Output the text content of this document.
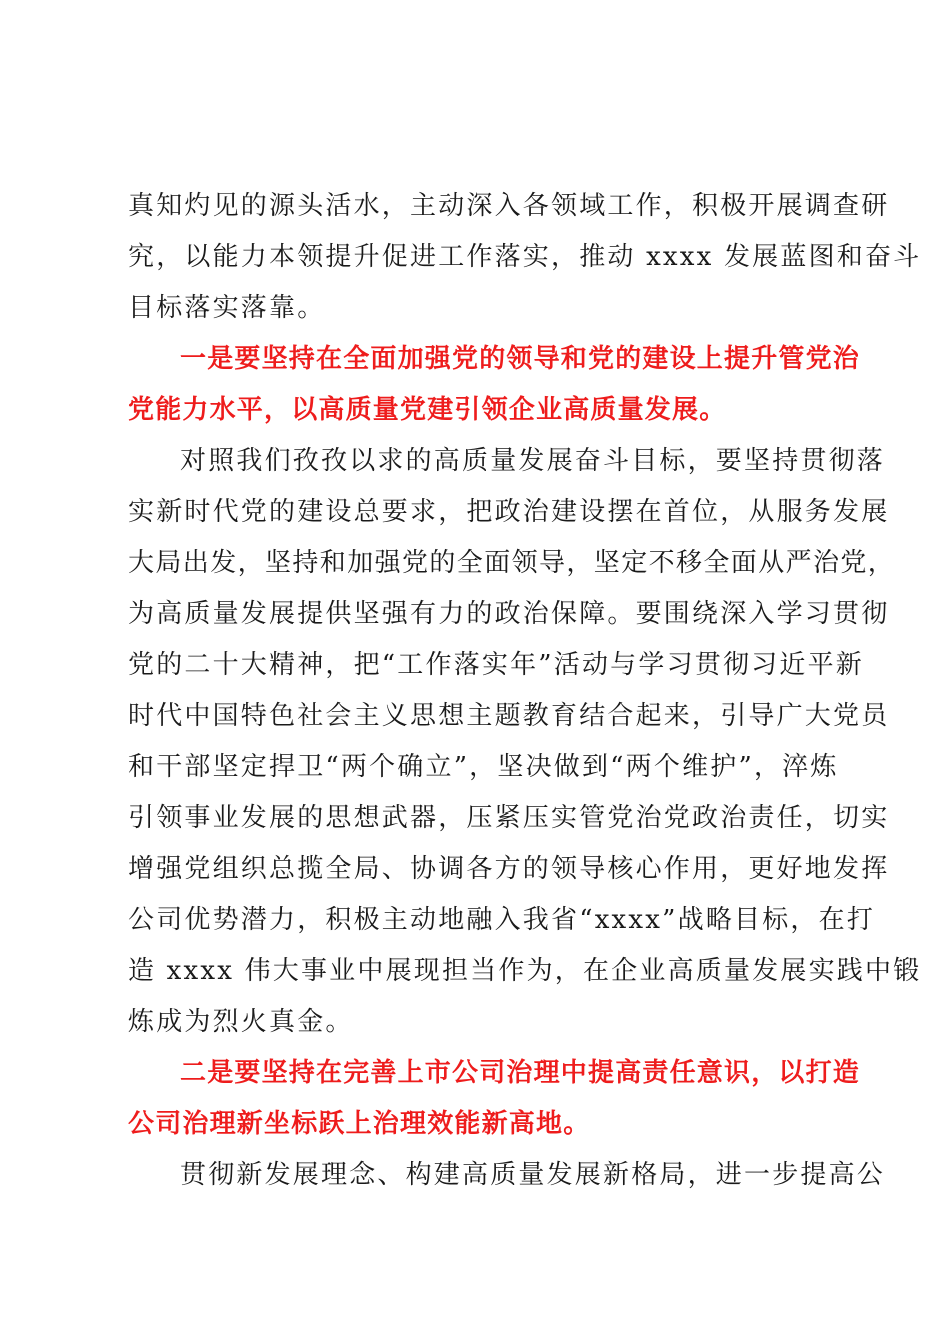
真知灼见的源头活水，主动深入各领域工作，积极开展调查研
究，以能力本领提升促进工作落实，推动 xxxx 发展蓝图和奋斗
目标落实落靠。
一是要坚持在全面加强党的领导和党的建设上提升管党治
党能力水平，以高质量党建引领企业高质量发展。
对照我们孜孜以求的高质量发展奋斗目标，要坚持贯彻落
实新时代党的建设总要求，把政治建设摆在首位，从服务发展
大局出发，坚持和加强党的全面领导，坚定不移全面从严治党，
为高质量发展提供坚强有力的政治保障。要围绕深入学习贯彻
党的二十大精神，把“工作落实年”活动与学习贯彻习近平新
时代中国特色社会主义思想主题教育结合起来，引导广大党员
和干部坚定捍卫“两个确立”，坚决做到“两个维护”，淬炼
引领事业发展的思想武器，压紧压实管党治党政治责任，切实
增强党组织总揽全局、协调各方的领导核心作用，更好地发挥
公司优势潜力，积极主动地融入我省“xxxx”战略目标，在打
造 xxxx 伟大事业中展现担当作为，在企业高质量发展实践中锻
炼成为烈火真金。
二是要坚持在完善上市公司治理中提高责任意识，以打造
公司治理新坐标跃上治理效能新高地。
贯彻新发展理念、构建高质量发展新格局，进一步提高公
